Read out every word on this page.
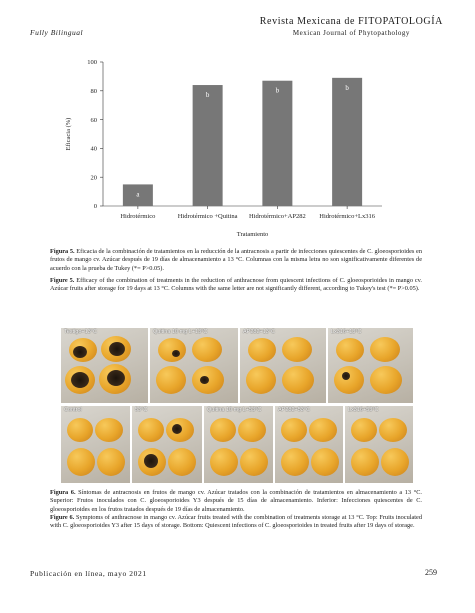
Fully Bilingual
Revista Mexicana de FITOPATOLOGÍA
Mexican Journal of Phytopathology
0
20
40
60
80
100
a
Hidrotérmico
b
Hidrotérmico +Quitina
b
Hidrotérmico+AP282
b
Hidrotérmico+Lx316
Eficacia (%)
Tratamiento
Figura 5. Eficacia de la combinación de tratamientos en la reducción de la antracnosis a partir de infecciones quiescentes de C. gloeosporioides en frutos de mango cv. Azúcar después de 19 días de almacenamiento a 13 °C. Columnas con la misma letra no son significativamente diferentes de acuerdo con la prueba de Tukey (*= P>0.05).
Figure 5. Efficacy of the combination of treatments in the reduction of anthracnose from quiescent infections of C. gloeosporioides in mango cv. Azúcar fruits after storage for 19 days at 13 °C. Columns with the same letter are not significantly different, according to Tukey's test (*= P>0.05).
Testigo+13°C	Quitina 10 mg L+13°C	AP282+13°C	Lx316+13°C
Control	53°C	Quitina 10 mg L+53°C	AP282+53°C	Lx316+53°C
Figura 6. Síntomas de antracnosis en frutos de mango cv. Azúcar tratados con la combinación de tratamientos en almacenamiento a 13 °C. Superior: Frutos inoculados con C. gloeosporioides Y3 después de 15 días de almacenamiento. Inferior: Infecciones quiescentes de C. gloeosporioides en los frutos tratados después de 19 días de almacenamiento.
Figure 6. Symptoms of anthracnose in mango cv. Azúcar fruits treated with the combination of treatments storage at 13 °C. Top: Fruits inoculated with C. gloeosporioides Y3 after 15 days of storage. Bottom: Quiescent infections of C. gloeosporioides in treated fruits after 19 days of storage.
Publicación en línea, mayo 2021	259
